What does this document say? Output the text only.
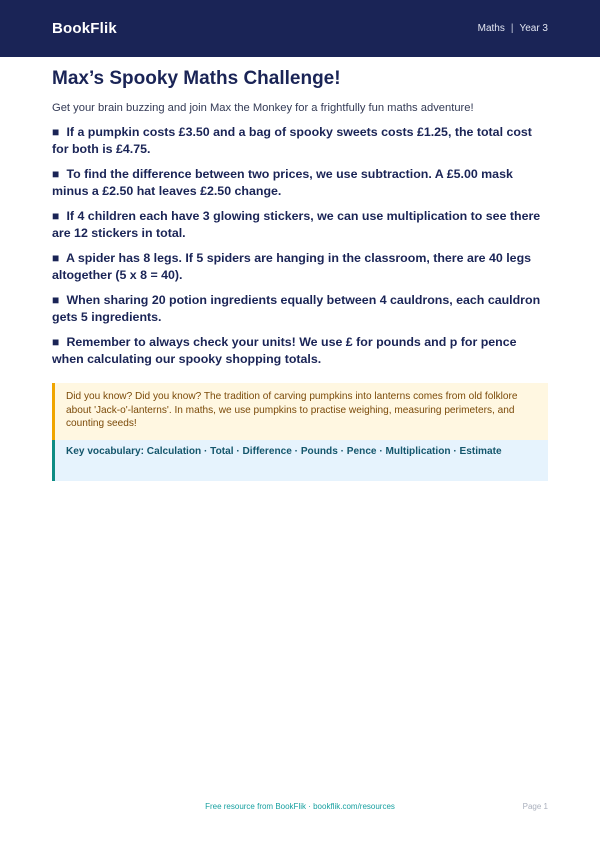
BookFlik	Maths | Year 3
Max’s Spooky Maths Challenge!

Get your brain buzzing and join Max the Monkey for a frightfully fun maths adventure!

■ If a pumpkin costs £3.50 and a bag of spooky sweets costs £1.25, the total cost for both is £4.75.
■ To find the difference between two prices, we use subtraction. A £5.00 mask minus a £2.50 hat leaves £2.50 change.
■ If 4 children each have 3 glowing stickers, we can use multiplication to see there are 12 stickers in total.
■ A spider has 8 legs. If 5 spiders are hanging in the classroom, there are 40 legs altogether (5 x 8 = 40).
■ When sharing 20 potion ingredients equally between 4 cauldrons, each cauldron gets 5 ingredients.
■ Remember to always check your units! We use £ for pounds and p for pence when calculating our spooky shopping totals.
Did you know? Did you know? The tradition of carving pumpkins into lanterns comes from old folklore about 'Jack-o'-lanterns'. In maths, we use pumpkins to practise weighing, measuring perimeters, and counting seeds!
Key vocabulary: Calculation · Total · Difference · Pounds · Pence · Multiplication · Estimate
Free resource from BookFlik · bookflik.com/resources	Page 1
